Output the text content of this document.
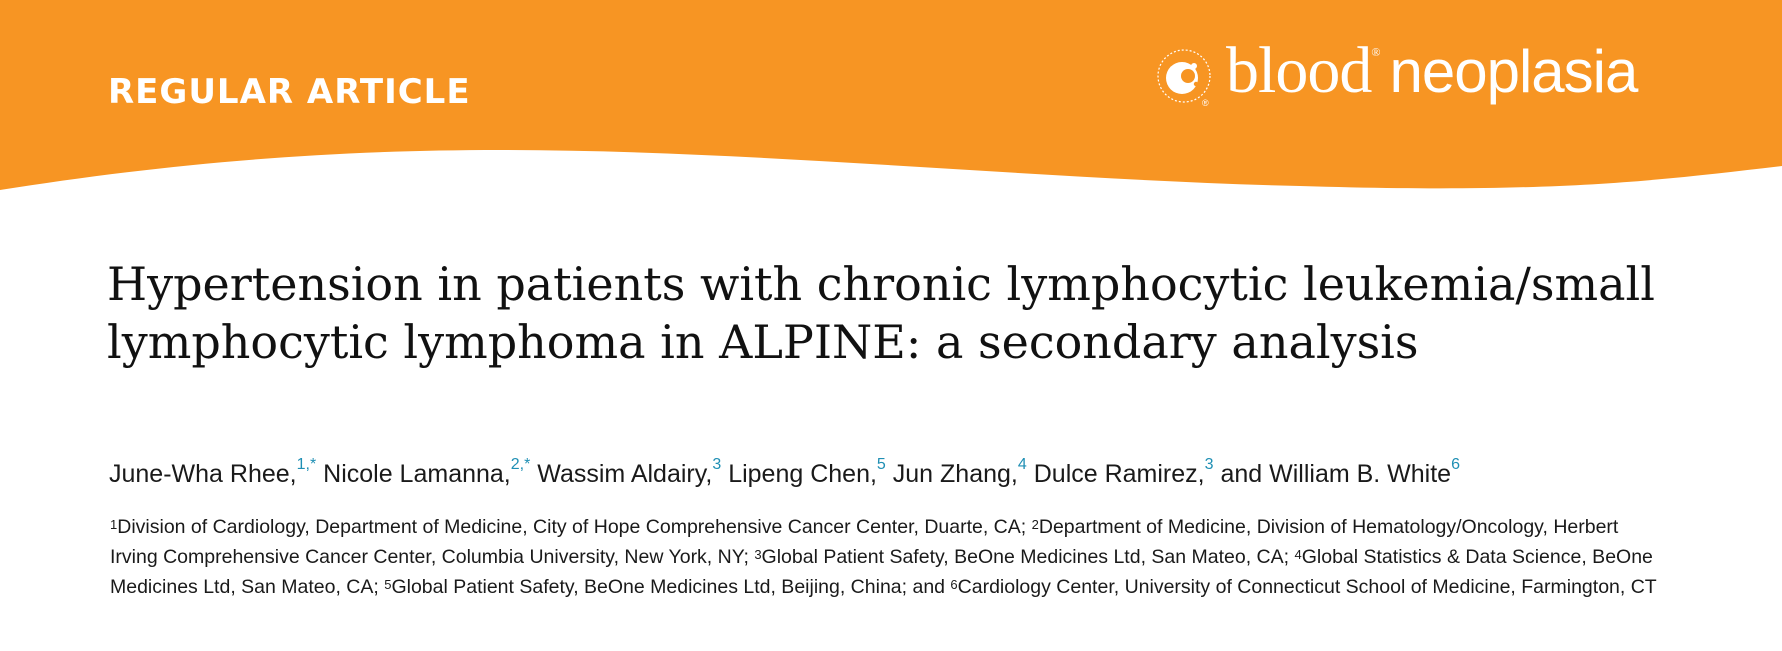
REGULAR ARTICLE	® blood® neoplasia
Hypertension in patients with chronic lymphocytic leukemia/small lymphocytic lymphoma in ALPINE: a secondary analysis
June-Wha Rhee,$^{1,*}$ Nicole Lamanna,$^{2,*}$ Wassim Aldairy,$^3$ Lipeng Chen,$^5$ Jun Zhang,$^4$ Dulce Ramirez,$^3$ and William B. White$^6$
$^1$Division of Cardiology, Department of Medicine, City of Hope Comprehensive Cancer Center, Duarte, CA; $^2$Department of Medicine, Division of Hematology/Oncology, Herbert Irving Comprehensive Cancer Center, Columbia University, New York, NY; $^3$Global Patient Safety, BeOne Medicines Ltd, San Mateo, CA; $^4$Global Statistics & Data Science, BeOne Medicines Ltd, San Mateo, CA; $^5$Global Patient Safety, BeOne Medicines Ltd, Beijing, China; and $^6$Cardiology Center, University of Connecticut School of Medicine, Farmington, CT
